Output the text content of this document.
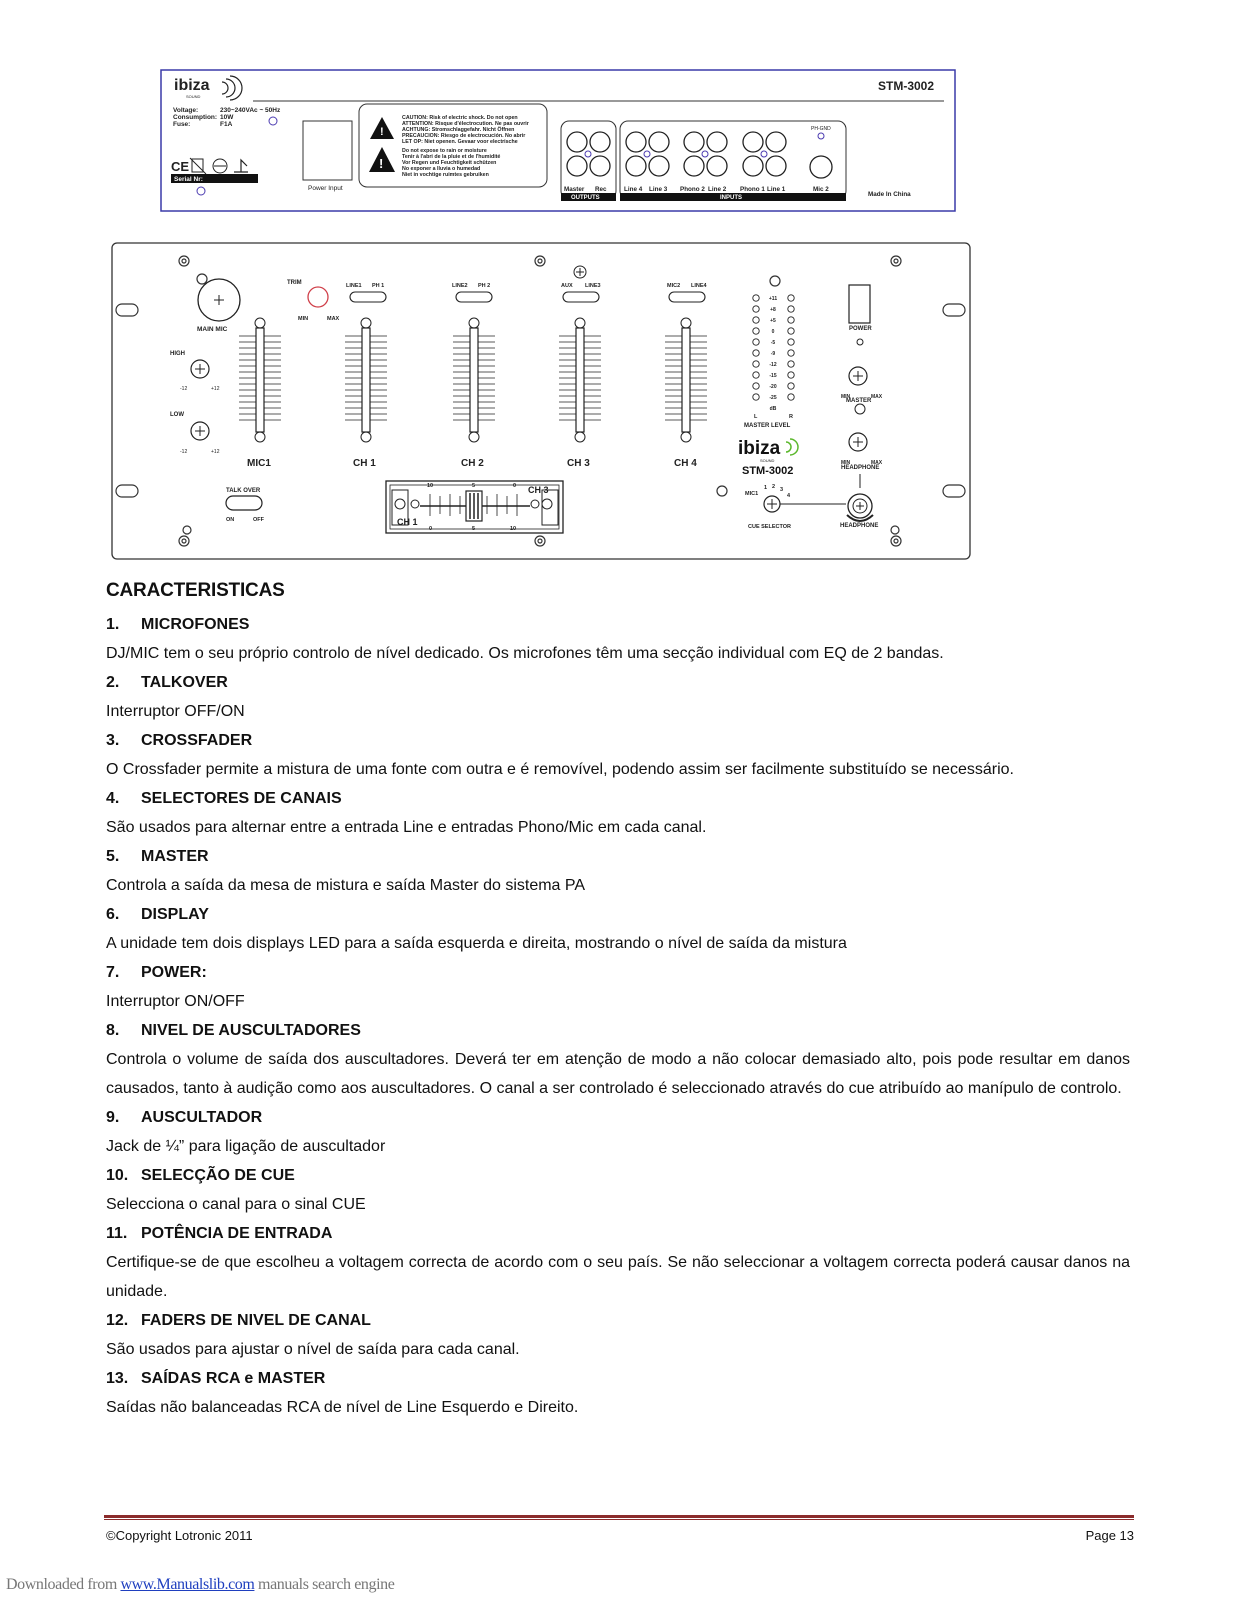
ibiza
SOUND
STM-3002
Voltage:	230~240VAc ~ 50Hz
Consumption: 10W
Fuse:	F1A
CE
Serial Nr:
Power Input
!
!
CAUTION: Risk of electric shock. Do not open
ATTENTION: Risque d'électrocution. Ne pas ouvrir
ACHTUNG: Stromschlaggefahr. Nicht Öffnen
PRECAUCION: Riesgo de electrocución. No abrir
LET OP: Niet openen. Gevaar voor electrische
Do not expose to rain or moisture
Tenir à l'abri de la pluie et de l'humidité
Vor Regen und Feuchtigkeit schützen
No exponer a lluvia o humedad
Niet in vochtige ruimtes gebruiken
PH-GND
Master Rec	Line 4 Line 3 Phono 2 Line 2 Phono 1 Line 1	Mic 2
Made In China
OUTPUTS	INPUTS
MAIN MIC
TRIM
MIN	MAX
HIGH
-12	+12
LOW
-12	+12
MIC1	CH 1	CH 2	CH 3	CH 4
LINE1 PH 1	LINE2 PH 2	AUX LINE3	MIC2 LINE4
+11
+8
+5
0
-5
-9
-12
-15
-20
-25
dB
L	R
MASTER LEVEL
ibiza
SOUND
STM-3002
POWER
MIN
MASTER
MAX
MIN
HEADPHONE
MAX
HEADPHONE
MIC1
1 2 3
4
CUE SELECTOR
TALK OVER
ON	OFF
10	5	0
0	5	10
CH 1
CH 3
CARACTERISTICAS
1. MICROFONES
DJ/MIC tem o seu próprio controlo de nível dedicado. Os microfones têm uma secção individual com EQ de 2 bandas.
2. TALKOVER
Interruptor OFF/ON
3. CROSSFADER
O Crossfader permite a mistura de uma fonte com outra e é removível, podendo assim ser facilmente substituído se necessário.
4. SELECTORES DE CANAIS
São usados para alternar entre a entrada Line e entradas Phono/Mic em cada canal.
5. MASTER
Controla a saída da mesa de mistura e saída Master do sistema PA
6. DISPLAY
A unidade tem dois displays LED para a saída esquerda e direita, mostrando o nível de saída da mistura
7. POWER:
Interruptor ON/OFF
8. NIVEL DE AUSCULTADORES
Controla o volume de saída dos auscultadores. Deverá ter em atenção de modo a não colocar demasiado alto, pois pode resultar em danos causados, tanto à audição como aos auscultadores. O canal a ser controlado é seleccionado através do cue atribuído ao manípulo de controlo.
9. AUSCULTADOR
Jack de ¼” para ligação de auscultador
10. SELECÇÃO DE CUE
Selecciona o canal para o sinal CUE
11. POTÊNCIA DE ENTRADA
Certifique-se de que escolheu a voltagem correcta de acordo com o seu país. Se não seleccionar a voltagem correcta poderá causar danos na unidade.
12. FADERS DE NIVEL DE CANAL
São usados para ajustar o nível de saída para cada canal.
13. SAÍDAS RCA e MASTER
Saídas não balanceadas RCA de nível de Line Esquerdo e Direito.
©Copyright Lotronic 2011	Page 13
Downloaded from www.Manualslib.com manuals search engine
